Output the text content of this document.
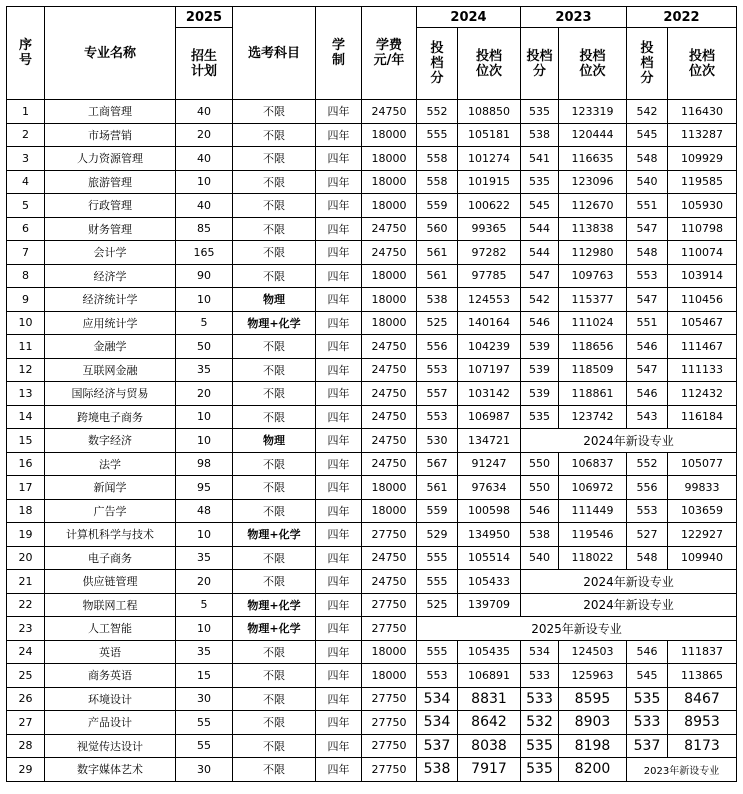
序号	专业名称	2025	选考科目	学制	学费元/年	2024		2023		2022	
		招生计划				投档分	投档位次	投档分	投档位次	投档分	投档位次
1	工商管理	40	不限	四年	24750	552	108850	535	123319	542	116430
2	市场营销	20	不限	四年	18000	555	105181	538	120444	545	113287
3	人力资源管理	40	不限	四年	18000	558	101274	541	116635	548	109929
4	旅游管理	10	不限	四年	18000	558	101915	535	123096	540	119585
5	行政管理	40	不限	四年	18000	559	100622	545	112670	551	105930
6	财务管理	85	不限	四年	24750	560	99365	544	113838	547	110798
7	会计学	165	不限	四年	24750	561	97282	544	112980	548	110074
8	经济学	90	不限	四年	18000	561	97785	547	109763	553	103914
9	经济统计学	10	物理	四年	18000	538	124553	542	115377	547	110456
10	应用统计学	5	物理+化学	四年	18000	525	140164	546	111024	551	105467
11	金融学	50	不限	四年	24750	556	104239	539	118656	546	111467
12	互联网金融	35	不限	四年	24750	553	107197	539	118509	547	111133
13	国际经济与贸易	20	不限	四年	24750	557	103142	539	118861	546	112432
14	跨境电子商务	10	不限	四年	24750	553	106987	535	123742	543	116184
15	数字经济	10	物理	四年	24750	530	134721	2024年新设专业			
16	法学	98	不限	四年	24750	567	91247	550	106837	552	105077
17	新闻学	95	不限	四年	18000	561	97634	550	106972	556	99833
18	广告学	48	不限	四年	18000	559	100598	546	111449	553	103659
19	计算机科学与技术	10	物理+化学	四年	27750	529	134950	538	119546	527	122927
20	电子商务	35	不限	四年	24750	555	105514	540	118022	548	109940
21	供应链管理	20	不限	四年	24750	555	105433	2024年新设专业			
22	物联网工程	5	物理+化学	四年	27750	525	139709	2024年新设专业			
23	人工智能	10	物理+化学	四年	27750	2025年新设专业					
24	英语	35	不限	四年	18000	555	105435	534	124503	546	111837
25	商务英语	15	不限	四年	18000	553	106891	533	125963	545	113865
26	环境设计	30	不限	四年	27750	534	8831	533	8595	535	8467
27	产品设计	55	不限	四年	27750	534	8642	532	8903	533	8953
28	视觉传达设计	55	不限	四年	27750	537	8038	535	8198	537	8173
29	数字媒体艺术	30	不限	四年	27750	538	7917	535	8200	2023年新设专业	
